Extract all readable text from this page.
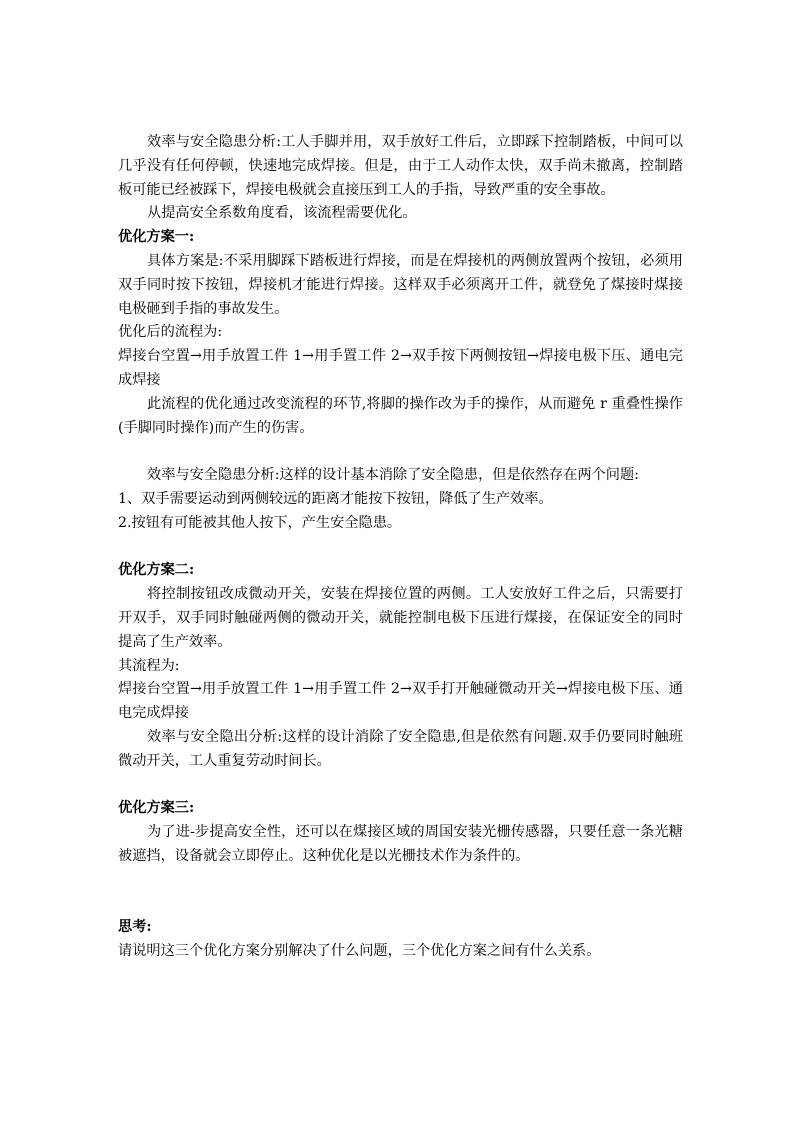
效率与安全隐患分析:工人手脚并用，双手放好工件后，立即踩下控制踏板，中间可以几乎没有任何停顿，快速地完成焊接。但是，由于工人动作太快，双手尚未撤离，控制踏板可能已经被踩下，焊接电极就会直接压到工人的手指，导致严重的安全事故。

从提高安全系数角度看，该流程需要优化。

优化方案一:

具体方案是:不采用脚踩下踏板进行焊接，而是在焊接机的两侧放置两个按钮，必须用双手同时按下按钮，焊接机才能进行焊接。这样双手必须离开工件，就登免了煤接时煤接电极砸到手指的事故发生。

优化后的流程为:

焊接台空置→用手放置工件 1→用手置工件 2→双手按下两侧按钮→焊接电极下压、通电完成焊接

此流程的优化通过改变流程的环节,将脚的操作改为手的操作，从而避免 r 重叠性操作(手脚同时操作)而产生的伤害。

效率与安全隐患分析:这样的设计基本消除了安全隐患，但是依然存在两个问题:

1、双手需要运动到两侧较远的距离才能按下按钮，降低了生产效率。

2.按钮有可能被其他人按下，产生安全隐患。

优化方案二:

将控制按钮改成微动开关，安装在焊接位置的两侧。工人安放好工件之后，只需要打开双手，双手同时触碰两侧的微动开关，就能控制电极下压进行煤接，在保证安全的同时提高了生产效率。

其流程为:

焊接台空置→用手放置工件 1→用手置工件 2→双手打开触碰微动开关→焊接电极下压、通电完成焊接

效率与安全隐出分析:这样的设计消除了安全隐患,但是依然有问题.双手仍要同时触班微动开关，工人重复劳动时间长。

优化方案三:

为了进-步提高安全性，还可以在煤接区域的周国安装光栅传感器，只要任意一条光糖被遮挡，设备就会立即停止。这种优化是以光栅技术作为条件的。

思考:

请说明这三个优化方案分别解决了什么问题，三个优化方案之间有什么关系。
